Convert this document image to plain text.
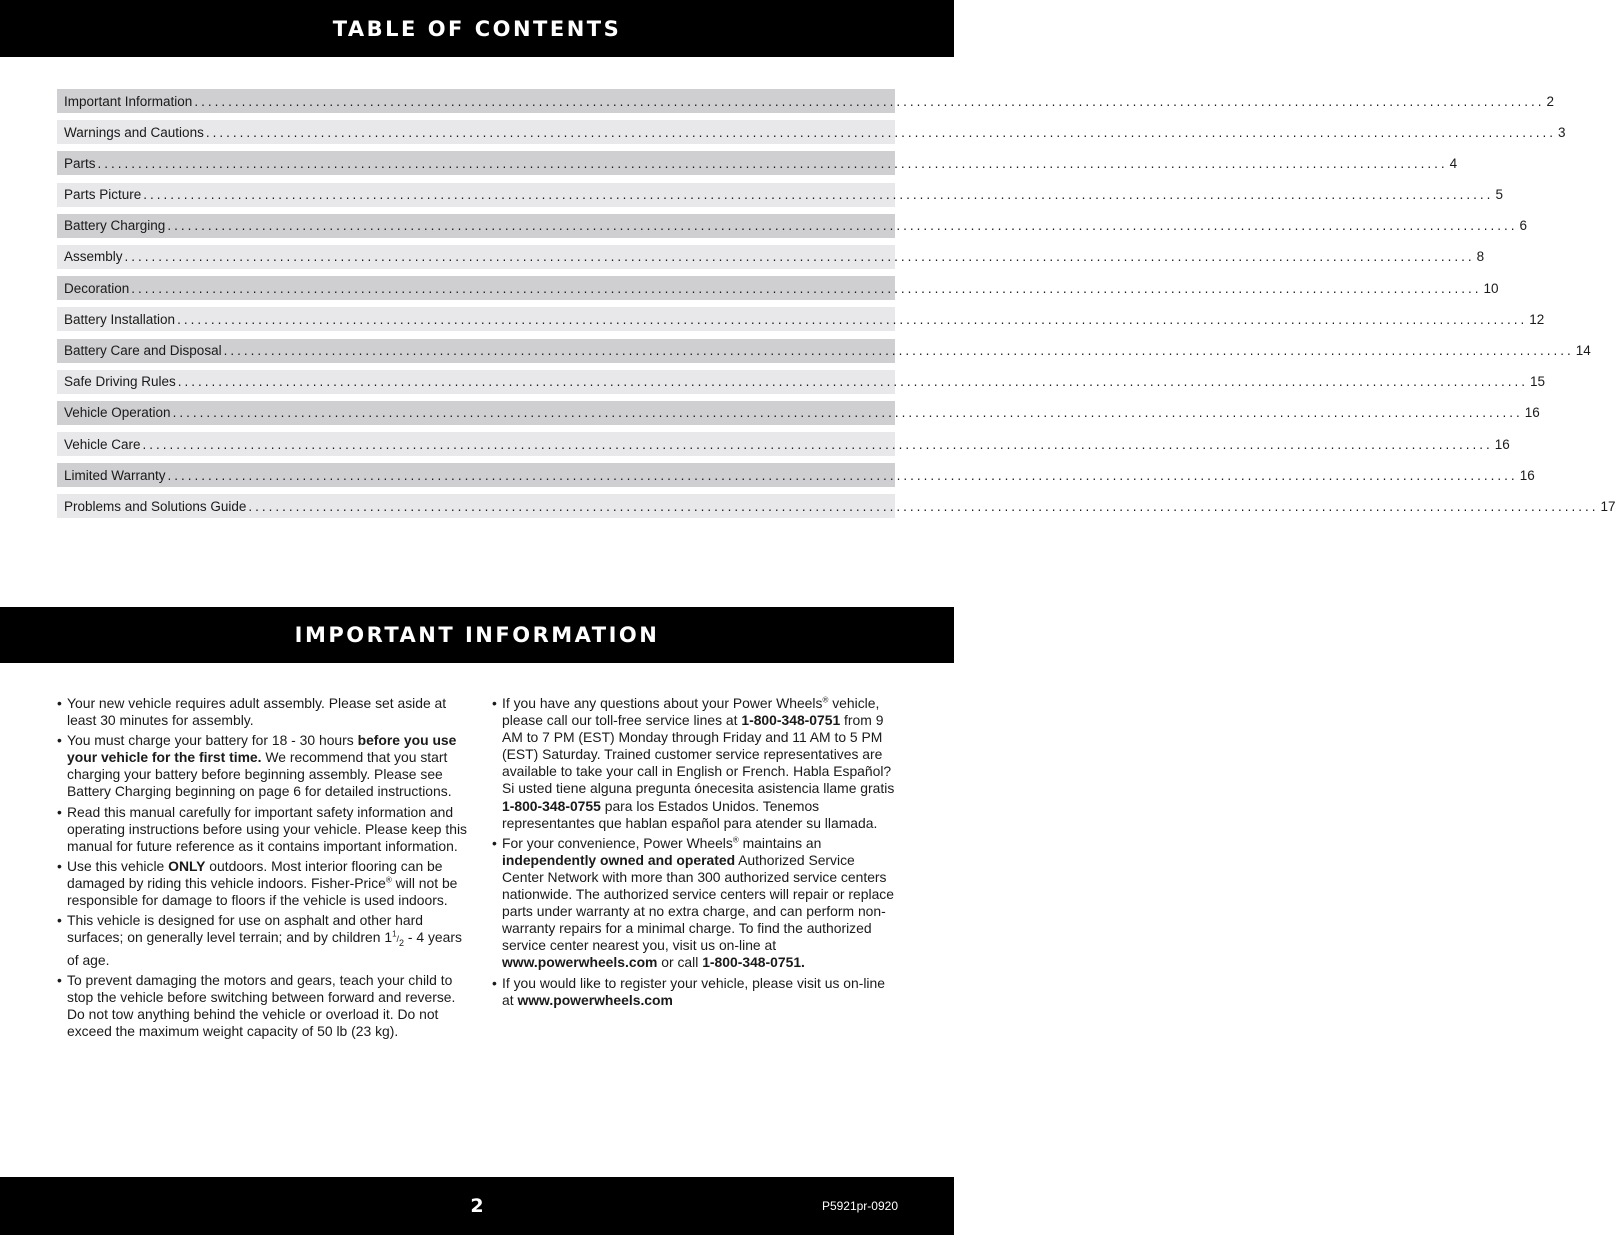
TABLE OF CONTENTS
Important Information ........................................................................................................................................................................................................ 2
Warnings and Cautions ........................................................................................................................................................................................................ 3
Parts ........................................................................................................................................................................................................ 4
Parts Picture ........................................................................................................................................................................................................ 5
Battery Charging ........................................................................................................................................................................................................ 6
Assembly ........................................................................................................................................................................................................ 8
Decoration ........................................................................................................................................................................................................ 10
Battery Installation ........................................................................................................................................................................................................ 12
Battery Care and Disposal ........................................................................................................................................................................................................ 14
Safe Driving Rules ........................................................................................................................................................................................................ 15
Vehicle Operation ........................................................................................................................................................................................................ 16
Vehicle Care ........................................................................................................................................................................................................ 16
Limited Warranty ........................................................................................................................................................................................................ 16
Problems and Solutions Guide ........................................................................................................................................................................................................ 17
IMPORTANT INFORMATION
• Your new vehicle requires adult assembly. Please set aside at least 30 minutes for assembly.
• You must charge your battery for 18 - 30 hours before you use your vehicle for the first time. We recommend that you start charging your battery before beginning assembly. Please see Battery Charging beginning on page 6 for detailed instructions.
• Read this manual carefully for important safety information and operating instructions before using your vehicle. Please keep this manual for future reference as it contains important information.
• Use this vehicle ONLY outdoors. Most interior flooring can be damaged by riding this vehicle indoors. Fisher-Price® will not be responsible for damage to floors if the vehicle is used indoors.
• This vehicle is designed for use on asphalt and other hard surfaces; on generally level terrain; and by children $1^1/_2 - 4$ years of age.
• To prevent damaging the motors and gears, teach your child to stop the vehicle before switching between forward and reverse. Do not tow anything behind the vehicle or overload it. Do not exceed the maximum weight capacity of 50 lb (23 kg).
• If you have any questions about your Power Wheels® vehicle, please call our toll-free service lines at 1-800-348-0751 from 9 AM to 7 PM (EST) Monday through Friday and 11 AM to 5 PM (EST) Saturday. Trained customer service representatives are available to take your call in English or French. Habla Español? Si usted tiene alguna pregunta ónecesita asistencia llame gratis 1-800-348-0755 para los Estados Unidos. Tenemos representantes que hablan español para atender su llamada.
• For your convenience, Power Wheels® maintains an independently owned and operated Authorized Service Center Network with more than 300 authorized service centers nationwide. The authorized service centers will repair or replace parts under warranty at no extra charge, and can perform non-warranty repairs for a minimal charge. To find the authorized service center nearest you, visit us on-line at www.powerwheels.com or call 1-800-348-0751.
• If you would like to register your vehicle, please visit us on-line at www.powerwheels.com
2	P5921pr-0920
